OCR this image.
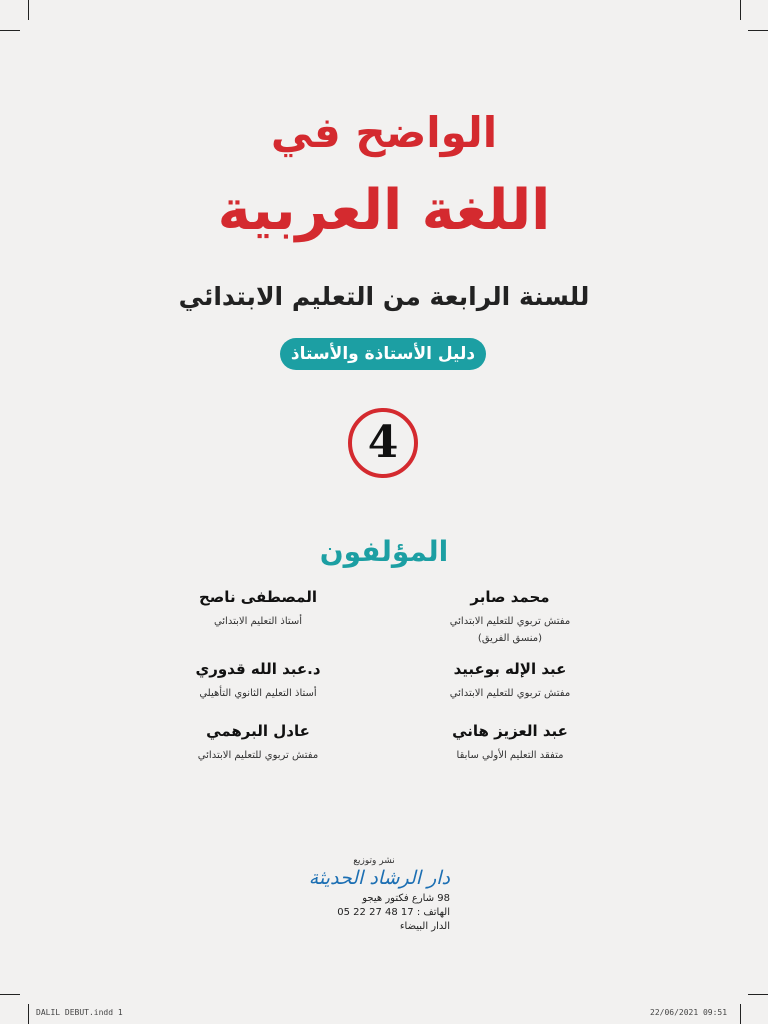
الواضح في
اللغة العربية
للسنة الرابعة من التعليم الابتدائي
دليل الأستاذة والأستاذ
4
المؤلفون
محمد صابر
مفتش تربوي للتعليم الابتدائي
(منسق الفريق)
عبد الإله بوعبيد
مفتش تربوي للتعليم الابتدائي
عبد العزيز هاني
متفقد التعليم الأولي سابقا
المصطفى ناصح
أستاذ التعليم الابتدائي
د.عبد الله قدوري
أستاذ التعليم الثانوي التأهيلي
عادل البرهمي
مفتش تربوي للتعليم الابتدائي
نشر وتوزيع
دار الرشاد الحديثة
98 شارع فكتور هيجو
الهاتف : 17 48 27 22 05
الدار البيضاء
DALIL DEBUT.indd 1	22/06/2021 09:51
